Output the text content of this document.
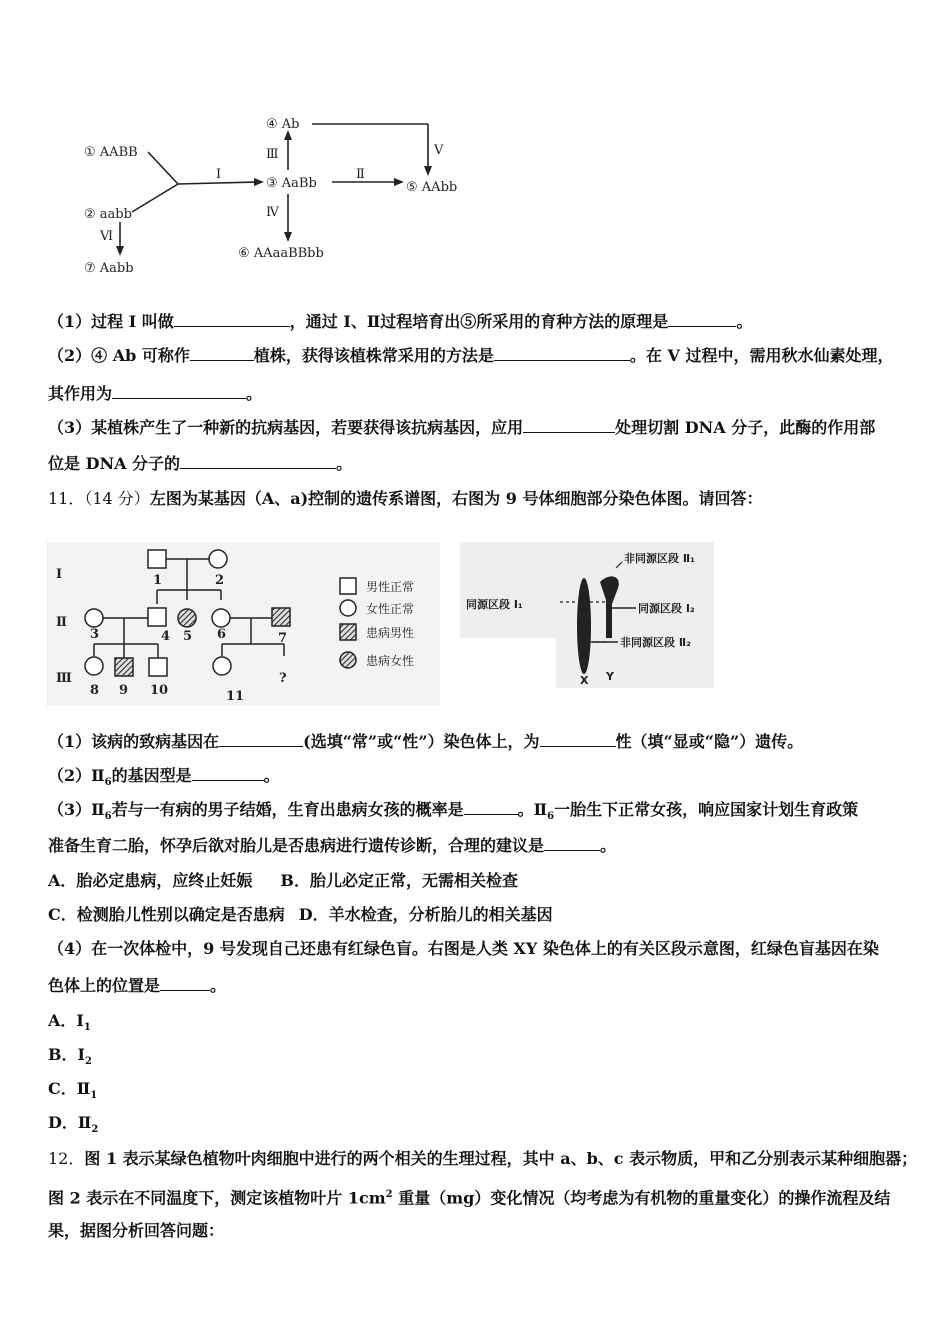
① AABB
② aabb
③ AaBb
④ Ab
⑤ AAbb
⑥ AAaaBBbb
⑦ Aabb
Ⅰ	Ⅱ
Ⅲ
Ⅳ
Ⅴ
Ⅵ
（1）过程 Ⅰ 叫做	，通过 Ⅰ、Ⅱ过程培育出⑤所采用的育种方法的原理是	。
（2）④ Ab 可称作	植株，获得该植株常采用的方法是	。在 V 过程中，需用秋水仙素处理，
其作用为	。
（3）某植株产生了一种新的抗病基因，若要获得该抗病基因，应用	处理切割 DNA 分子，此酶的作用部
位是 DNA 分子的	。
11．（14 分）左图为某基因（A、a)控制的遗传系谱图，右图为 9 号体细胞部分染色体图。请回答：
Ⅰ
Ⅱ
Ⅲ
1	2
3	4 5 6	7
8 9 10	11
?
男性正常
女性正常
患病男性
患病女性
非同源区段 Ⅱ₁
同源区段 I₁	同源区段 I₂
非同源区段 Ⅱ₂
X Y
（1）该病的致病基因在	(选填“常”或“性”）染色体上，为	性（填“显或“隐”）遗传。
$(2)Ⅱ_6$的基因型是	。
$(3)Ⅱ_6$若与一有病的男子结婚，生育出患病女孩的概率是	。$Ⅱ_6$一胎生下正常女孩，响应国家计划生育政策
准备生育二胎，怀孕后欲对胎儿是否患病进行遗传诊断，合理的建议是	。
A．胎必定患病，应终止妊娠 B．胎儿必定正常，无需相关检查
C．检测胎儿性别以确定是否患病 D．羊水检查，分析胎儿的相关基因
（4）在一次体检中，9 号发现自己还患有红绿色盲。右图是人类 XY 染色体上的有关区段示意图，红绿色盲基因在染
色体上的位置是	。
A．$I_1$
B．$I_2$
C．$Ⅱ_1$
D．$Ⅱ_2$
12．图 1 表示某绿色植物叶肉细胞中进行的两个相关的生理过程，其中 a、b、c 表示物质，甲和乙分别表示某种细胞器；
图 2 表示在不同温度下，测定该植物叶片 $1cm^2$ 重量（mg）变化情况（均考虑为有机物的重量变化）的操作流程及结
果，据图分析回答问题：
